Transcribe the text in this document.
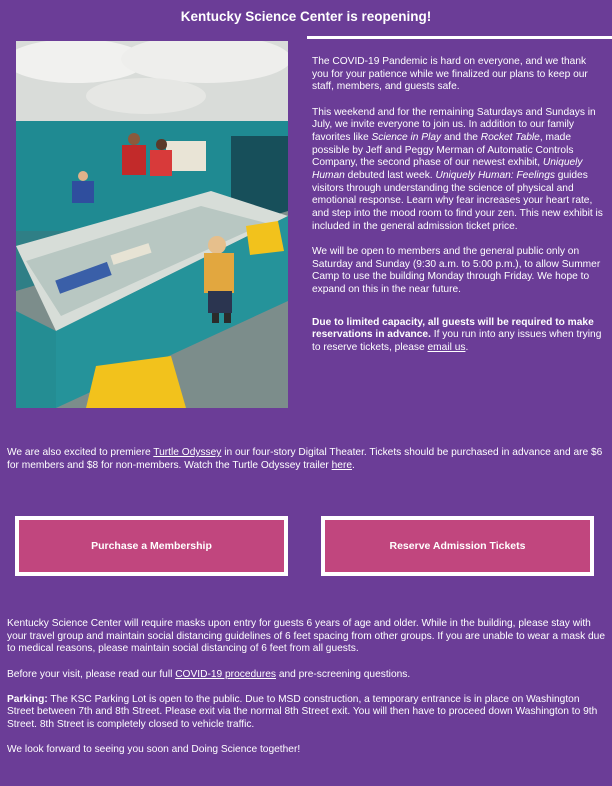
Kentucky Science Center is reopening!

The COVID-19 Pandemic is hard on everyone, and we thank you for your patience while we finalized our plans to keep our staff, members, and guests safe.

This weekend and for the remaining Saturdays and Sundays in July, we invite everyone to join us. In addition to our family favorites like Science in Play and the Rocket Table, made possible by Jeff and Peggy Merman of Automatic Controls Company, the second phase of our newest exhibit, Uniquely Human debuted last week. Uniquely Human: Feelings guides visitors through understanding the science of physical and emotional response. Learn why fear increases your heart rate, and step into the mood room to find your zen. This new exhibit is included in the general admission ticket price.

We will be open to members and the general public only on Saturday and Sunday (9:30 a.m. to 5:00 p.m.), to allow Summer Camp to use the building Monday through Friday. We hope to expand on this in the near future.

Due to limited capacity, all guests will be required to make reservations in advance. If you run into any issues when trying to reserve tickets, please email us.

We are also excited to premiere Turtle Odyssey in our four-story Digital Theater. Tickets should be purchased in advance and are $6 for members and $8 for non-members. Watch the Turtle Odyssey trailer here.

Purchase a Membership	Reserve Admission Tickets

Kentucky Science Center will require masks upon entry for guests 6 years of age and older. While in the building, please stay with your travel group and maintain social distancing guidelines of 6 feet spacing from other groups. If you are unable to wear a mask due to medical reasons, please maintain social distancing of 6 feet from all guests.

Before your visit, please read our full COVID-19 procedures and pre-screening questions.

Parking: The KSC Parking Lot is open to the public. Due to MSD construction, a temporary entrance is in place on Washington Street between 7th and 8th Street. Please exit via the normal 8th Street exit. You will then have to proceed down Washington to 9th Street. 8th Street is completely closed to vehicle traffic.

We look forward to seeing you soon and Doing Science together!
